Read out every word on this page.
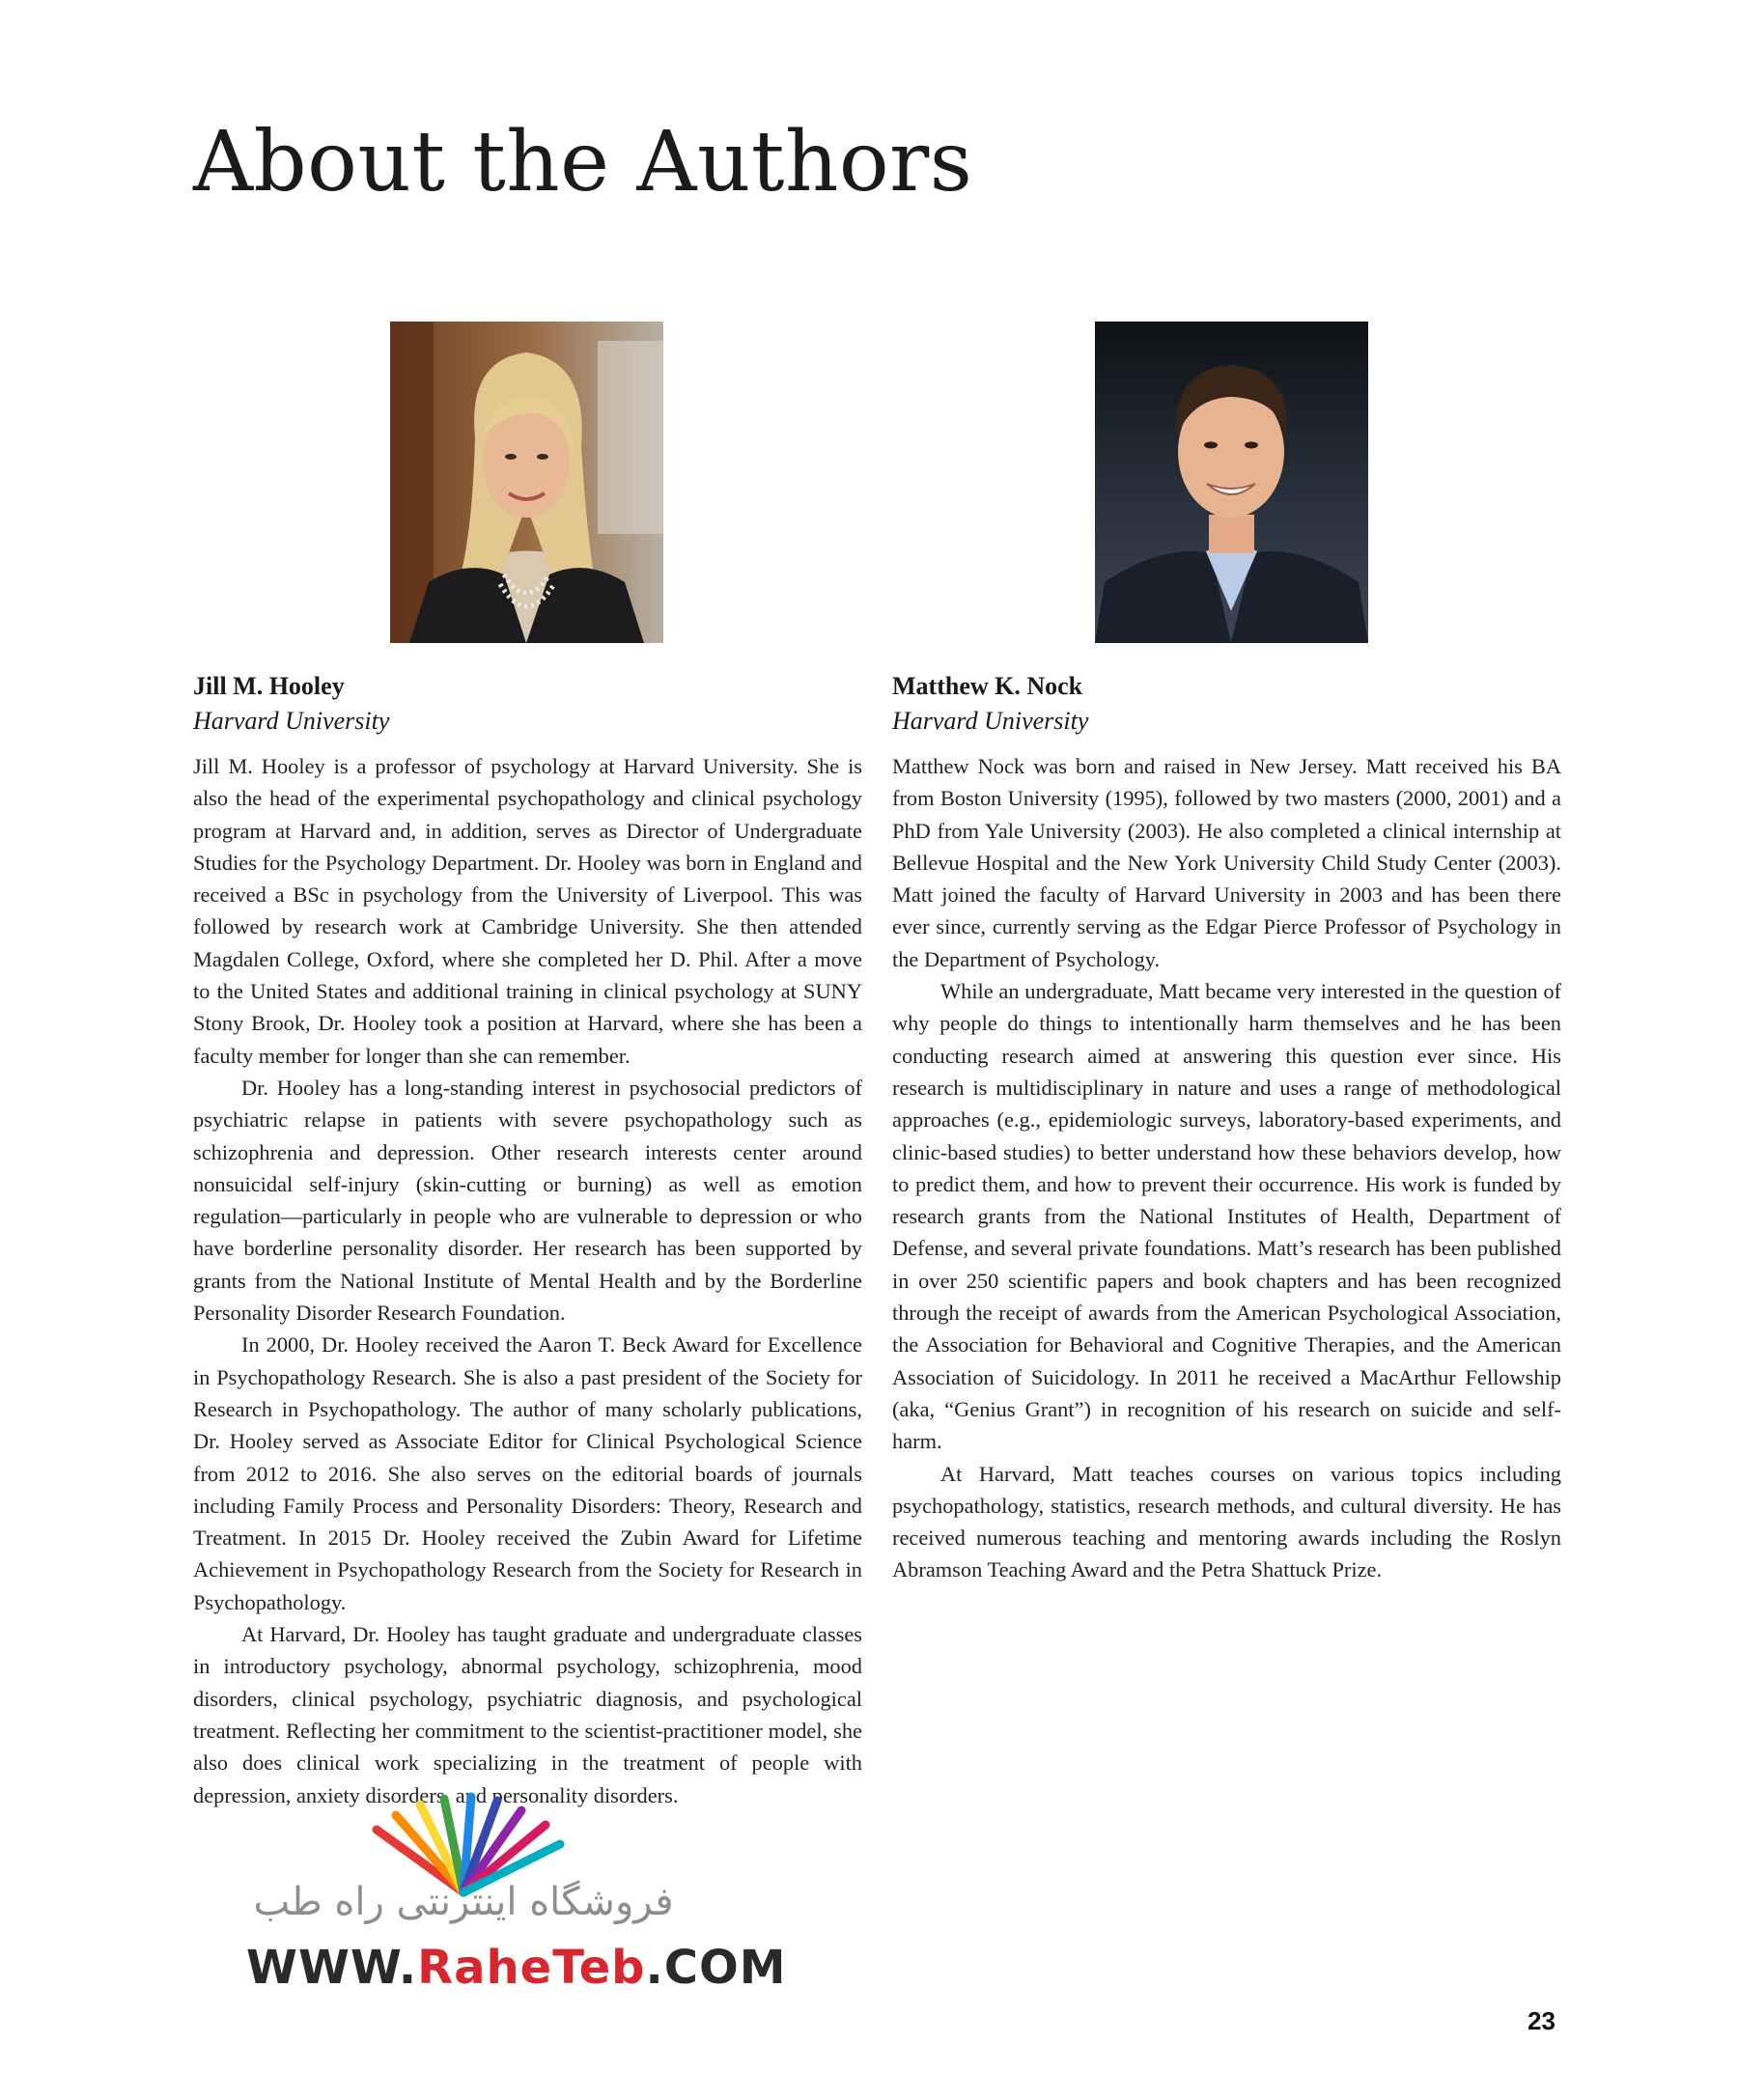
About the Authors

Jill M. Hooley

Harvard University

Jill M. Hooley is a professor of psychology at Harvard University. She is also the head of the experimental psychopathology and clinical psychology program at Harvard and, in addition, serves as Director of Undergraduate Studies for the Psychology Department. Dr. Hooley was born in England and received a BSc in psychology from the University of Liverpool. This was followed by research work at Cambridge University. She then attended Magdalen College, Oxford, where she completed her D. Phil. After a move to the United States and additional training in clinical psychology at SUNY Stony Brook, Dr. Hooley took a position at Harvard, where she has been a faculty member for longer than she can remember.

Dr. Hooley has a long-standing interest in psychosocial predictors of psychiatric relapse in patients with severe psychopathology such as schizophrenia and depression. Other research interests center around nonsuicidal self-injury (skin-cutting or burning) as well as emotion regulation—particularly in people who are vulnerable to depression or who have borderline personality disorder. Her research has been supported by grants from the National Institute of Mental Health and by the Borderline Personality Disorder Research Foundation.

In 2000, Dr. Hooley received the Aaron T. Beck Award for Excellence in Psychopathology Research. She is also a past president of the Society for Research in Psychopathology. The author of many scholarly publications, Dr. Hooley served as Associate Editor for Clinical Psychological Science from 2012 to 2016. She also serves on the editorial boards of journals including Family Process and Personality Disorders: Theory, Research and Treatment. In 2015 Dr. Hooley received the Zubin Award for Lifetime Achievement in Psychopathology Research from the Society for Research in Psychopathology.

At Harvard, Dr. Hooley has taught graduate and undergraduate classes in introductory psychology, abnormal psychology, schizophrenia, mood disorders, clinical psychology, psychiatric diagnosis, and psychological treatment. Reflecting her commitment to the scientist-practitioner model, she also does clinical work specializing in the treatment of people with depression, anxiety disorders, and personality disorders.

Matthew K. Nock

Harvard University

Matthew Nock was born and raised in New Jersey. Matt received his BA from Boston University (1995), followed by two masters (2000, 2001) and a PhD from Yale University (2003). He also completed a clinical internship at Bellevue Hospital and the New York University Child Study Center (2003). Matt joined the faculty of Harvard University in 2003 and has been there ever since, currently serving as the Edgar Pierce Professor of Psychology in the Department of Psychology.

While an undergraduate, Matt became very interested in the question of why people do things to intentionally harm themselves and he has been conducting research aimed at answering this question ever since. His research is multidisciplinary in nature and uses a range of methodological approaches (e.g., epidemiologic surveys, laboratory-based experiments, and clinic-based studies) to better understand how these behaviors develop, how to predict them, and how to prevent their occurrence. His work is funded by research grants from the National Institutes of Health, Department of Defense, and several private foundations. Matt’s research has been published in over 250 scientific papers and book chapters and has been recognized through the receipt of awards from the American Psychological Association, the Association for Behavioral and Cognitive Therapies, and the American Association of Suicidology. In 2011 he received a MacArthur Fellowship (aka, “Genius Grant”) in recognition of his research on suicide and self-harm.

At Harvard, Matt teaches courses on various topics including psychopathology, statistics, research methods, and cultural diversity. He has received numerous teaching and mentoring awards including the Roslyn Abramson Teaching Award and the Petra Shattuck Prize.

فروشگاه اینترنتی راه طب
WWW.RaheTeb.COM
23
